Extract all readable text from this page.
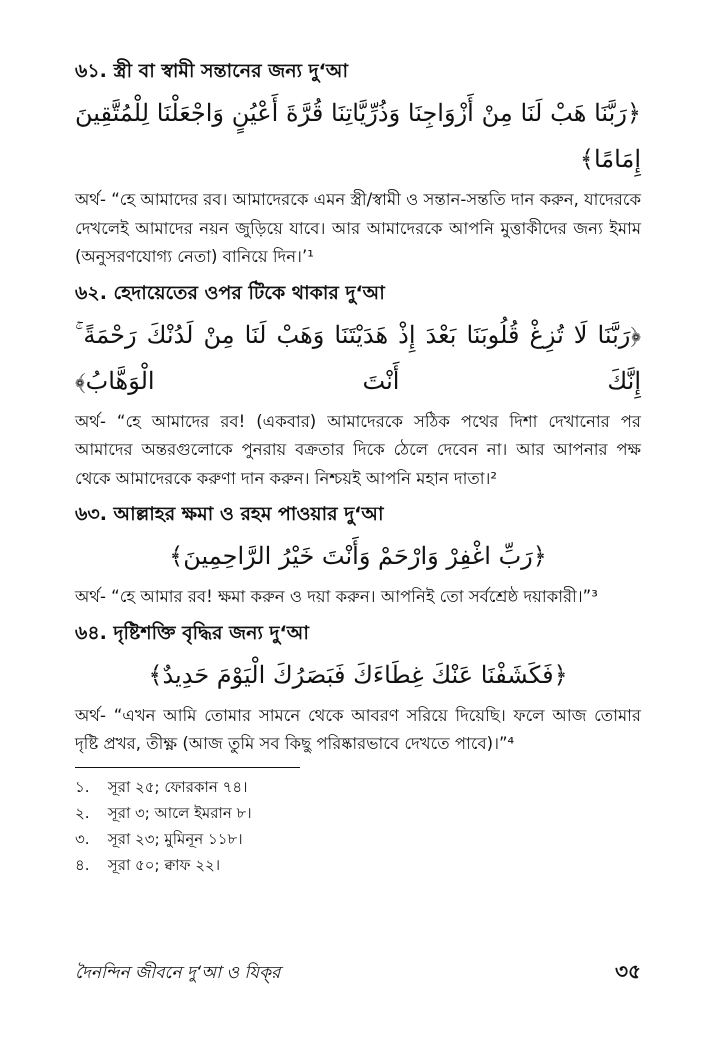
৬১. স্ত্রী বা স্বামী সন্তানের জন্য দু‘আ
﴿رَبَّنَا هَبْ لَنَا مِنْ أَزْوَاجِنَا وَذُرِّيَّاتِنَا قُرَّةَ أَعْيُنٍ وَاجْعَلْنَا لِلْمُتَّقِينَ إِمَامًا﴾
অর্থ- “হে আমাদের রব। আমাদেরকে এমন স্ত্রী/স্বামী ও সন্তান-সন্ততি দান করুন, যাদেরকে দেখলেই আমাদের নয়ন জুড়িয়ে যাবে। আর আমাদেরকে আপনি মুত্তাকীদের জন্য ইমাম (অনুসরণযোগ্য নেতা) বানিয়ে দিন।’¹
৬২. হেদায়েতের ওপর টিকে থাকার দু‘আ
﴿رَبَّنَا لَا تُزِغْ قُلُوبَنَا بَعْدَ إِذْ هَدَيْتَنَا وَهَبْ لَنَا مِنْ لَدُنْكَ رَحْمَةً ۚ إِنَّكَ أَنْتَ الْوَهَّابُ﴾
অর্থ- “হে আমাদের রব! (একবার) আমাদেরকে সঠিক পথের দিশা দেখানোর পর আমাদের অন্তরগুলোকে পুনরায় বক্রতার দিকে ঠেলে দেবেন না। আর আপনার পক্ষ থেকে আমাদেরকে করুণা দান করুন। নিশ্চয়ই আপনি মহান দাতা।²
৬৩. আল্লাহর ক্ষমা ও রহম পাওয়ার দু‘আ
﴿رَبِّ اغْفِرْ وَارْحَمْ وَأَنْتَ خَيْرُ الرَّاحِمِينَ﴾
অর্থ- “হে আমার রব! ক্ষমা করুন ও দয়া করুন। আপনিই তো সর্বশ্রেষ্ঠ দয়াকারী।”³
৬৪. দৃষ্টিশক্তি বৃদ্ধির জন্য দু‘আ
﴿فَكَشَفْنَا عَنْكَ غِطَاءَكَ فَبَصَرُكَ الْيَوْمَ حَدِيدٌ﴾
অর্থ- “এখন আমি তোমার সামনে থেকে আবরণ সরিয়ে দিয়েছি। ফলে আজ তোমার দৃষ্টি প্রখর, তীক্ষ্ণ (আজ তুমি সব কিছু পরিষ্কারভাবে দেখতে পাবে)।”⁴
১. সূরা ২৫; ফোরকান ৭৪।
২. সূরা ৩; আলে ইমরান ৮।
৩. সূরা ২৩; মুমিনূন ১১৮।
৪. সূরা ৫০; ক্বাফ ২২।
দৈনন্দিন জীবনে দু‘আ ও যিক্‌র	৩৫
